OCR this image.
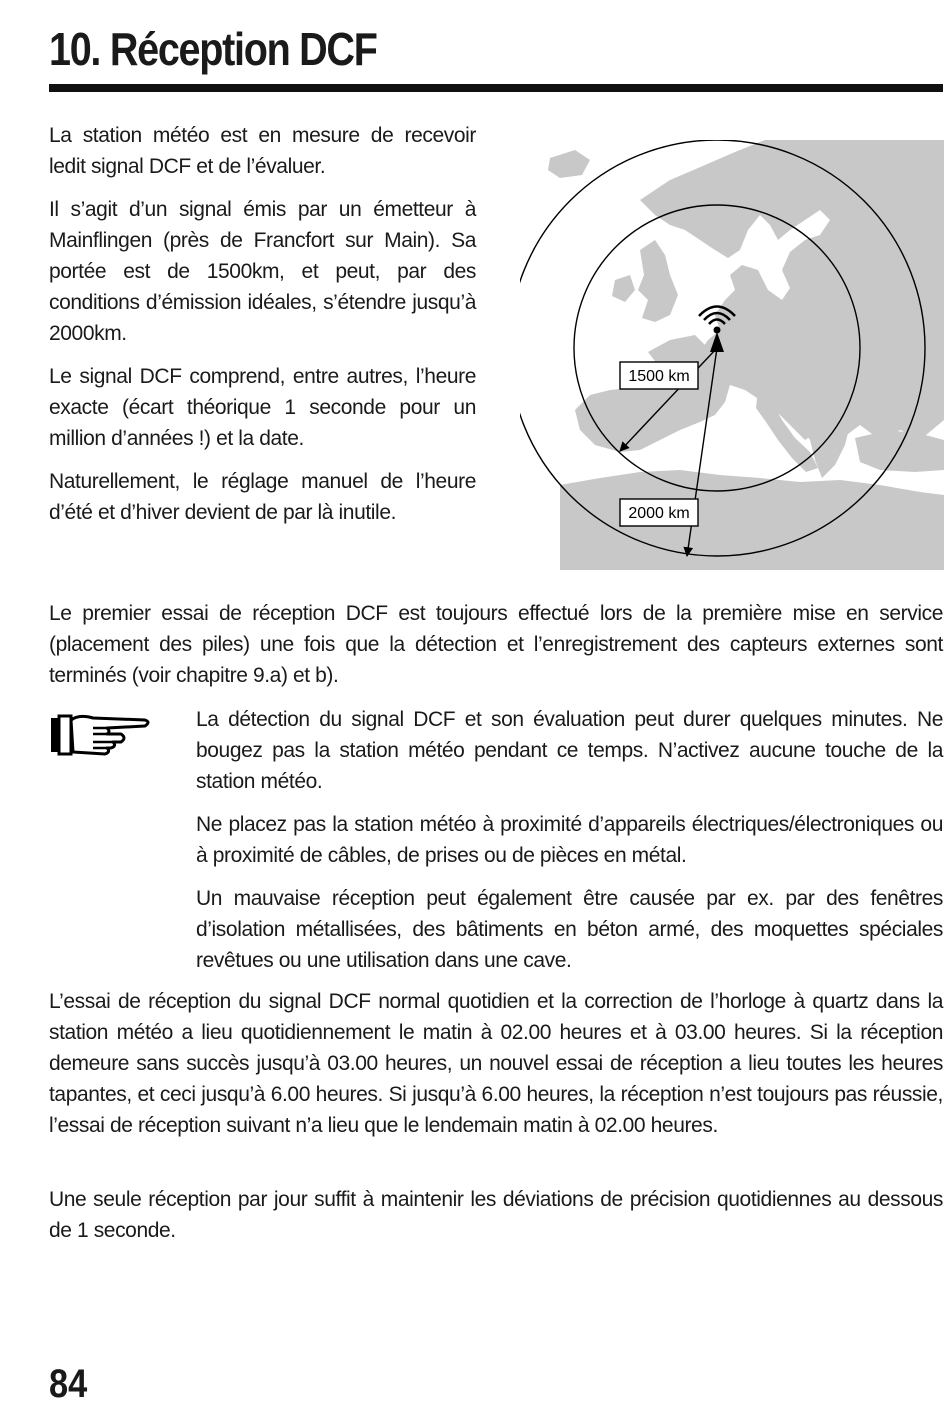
10. Réception DCF

La station météo est en mesure de recevoir ledit signal DCF et de l’évaluer.

Il s’agit d’un signal émis par un émetteur à Mainflingen (près de Francfort sur Main). Sa portée est de 1500km, et peut, par des conditions d’émission idéales, s’étendre jusqu’à 2000km.

Le signal DCF comprend, entre autres, l’heure exacte (écart théorique 1 seconde pour un million d’années !) et la date.

Naturellement, le réglage manuel de l’heure d’été et d’hiver devient de par là inutile.

1500 km
2000 km

Le premier essai de réception DCF est toujours effectué lors de la première mise en service (placement des piles) une fois que la détection et l’enregistrement des capteurs externes sont terminés (voir chapitre 9.a) et b).

La détection du signal DCF et son évaluation peut durer quelques minutes. Ne bougez pas la station météo pendant ce temps. N’activez aucune touche de la station météo.

Ne placez pas la station météo à proximité d’appareils électriques/électroniques ou à proximité de câbles, de prises ou de pièces en métal.

Un mauvaise réception peut également être causée par ex. par des fenêtres d’isolation métallisées, des bâtiments en béton armé, des moquettes spéciales revêtues ou une utilisation dans une cave.

L’essai de réception du signal DCF normal quotidien et la correction de l’horloge à quartz dans la station météo a lieu quotidiennement le matin à 02.00 heures et à 03.00 heures. Si la réception demeure sans succès jusqu’à 03.00 heures, un nouvel essai de réception a lieu toutes les heures tapantes, et ceci jusqu’à 6.00 heures. Si jusqu’à 6.00 heures, la réception n’est toujours pas réussie, l’essai de réception suivant n’a lieu que le lendemain matin à 02.00 heures.

Une seule réception par jour suffit à maintenir les déviations de précision quotidiennes au dessous de 1 seconde.

84
